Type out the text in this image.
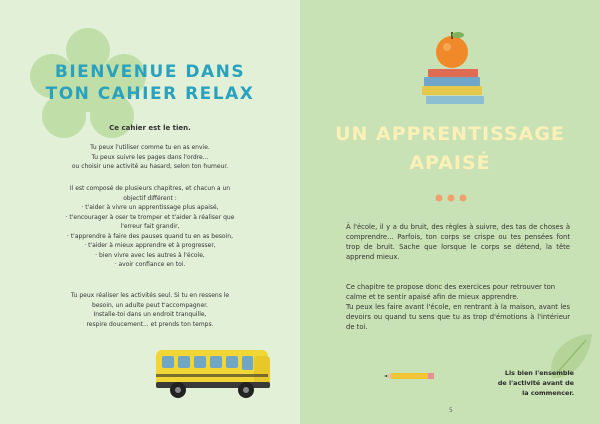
BIENVENUE DANS
TON CAHIER RELAX
Ce cahier est le tien.
Tu peux l'utiliser comme tu en as envie.
Tu peux suivre les pages dans l'ordre...
ou choisir une activité au hasard, selon ton humeur.
Il est composé de plusieurs chapitres, et chacun a un
objectif différent :
· t'aider à vivre un apprentissage plus apaisé,
· t'encourager à oser te tromper et t'aider à réaliser que
l'erreur fait grandir,
· t'apprendre à faire des pauses quand tu en as besoin,
· t'aider à mieux apprendre et à progresser,
· bien vivre avec les autres à l'école,
· avoir confiance en toi.
Tu peux réaliser les activités seul. Si tu en ressens le
besoin, un adulte peut t'accompagner.
Installe-toi dans un endroit tranquille,
respire doucement... et prends ton temps.
UN APPRENTISSAGE
APAISÉ
À l'école, il y a du bruit, des règles à suivre, des tas de choses à comprendre... Parfois, ton corps se crispe ou tes pensées font trop de bruit. Sache que lorsque le corps se détend, la tête apprend mieux.
Ce chapitre te propose donc des exercices pour retrouver ton calme et te sentir apaisé afin de mieux apprendre.
Tu peux les faire avant l'école, en rentrant à la maison, avant les devoirs ou quand tu sens que tu as trop d'émotions à l'intérieur de toi.
Lis bien l'ensemble de l'activité avant de la commencer.
5
